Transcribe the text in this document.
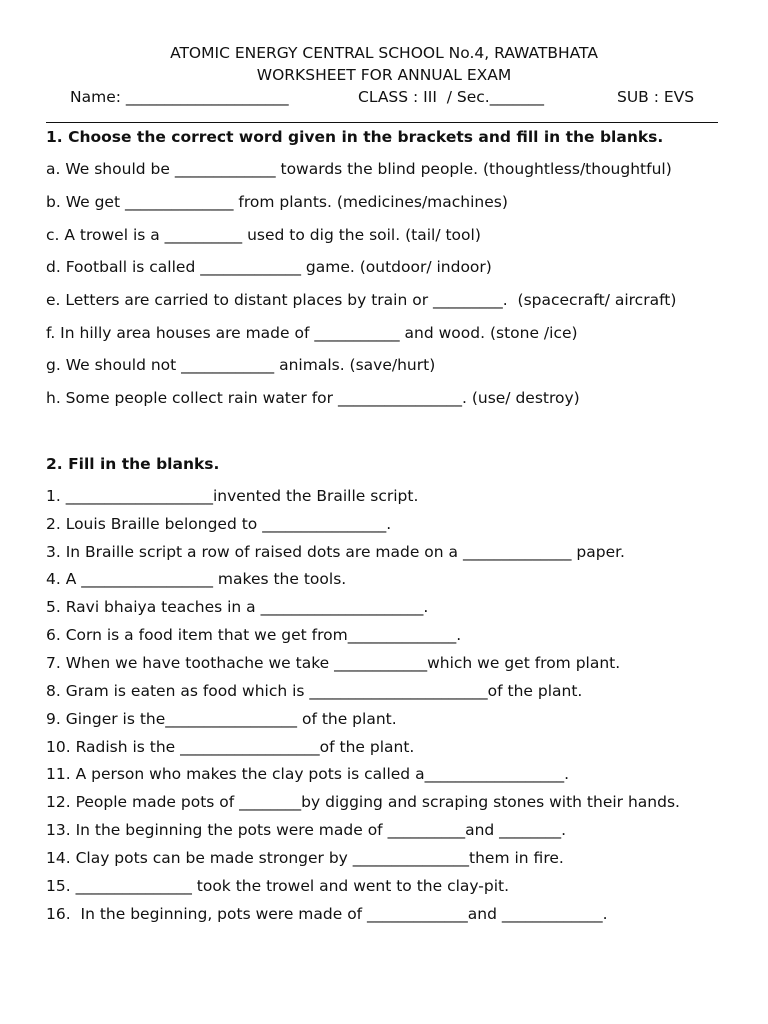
ATOMIC ENERGY CENTRAL SCHOOL No.4, RAWATBHATA
WORKSHEET FOR ANNUAL EXAM
Name: _____________________	CLASS : III  / Sec._______	SUB : EVS
1. Choose the correct word given in the brackets and fill in the blanks.
a. We should be _____________ towards the blind people. (thoughtless/thoughtful)
b. We get ______________ from plants. (medicines/machines)
c. A trowel is a __________ used to dig the soil. (tail/ tool)
d. Football is called _____________ game. (outdoor/ indoor)
e. Letters are carried to distant places by train or _________.  (spacecraft/ aircraft)
f. In hilly area houses are made of ___________ and wood. (stone /ice)
g. We should not ____________ animals. (save/hurt)
h. Some people collect rain water for ________________. (use/ destroy)
2. Fill in the blanks.
1. ___________________invented the Braille script.
2. Louis Braille belonged to ________________.
3. In Braille script a row of raised dots are made on a ______________ paper.
4. A _________________ makes the tools.
5. Ravi bhaiya teaches in a _____________________.
6. Corn is a food item that we get from______________.
7. When we have toothache we take ____________which we get from plant.
8. Gram is eaten as food which is _______________________of the plant.
9. Ginger is the_________________ of the plant.
10. Radish is the __________________of the plant.
11. A person who makes the clay pots is called a__________________.
12. People made pots of ________by digging and scraping stones with their hands.
13. In the beginning the pots were made of __________and ________.
14. Clay pots can be made stronger by _______________them in fire.
15. _______________ took the trowel and went to the clay-pit.
16.  In the beginning, pots were made of _____________and _____________.
